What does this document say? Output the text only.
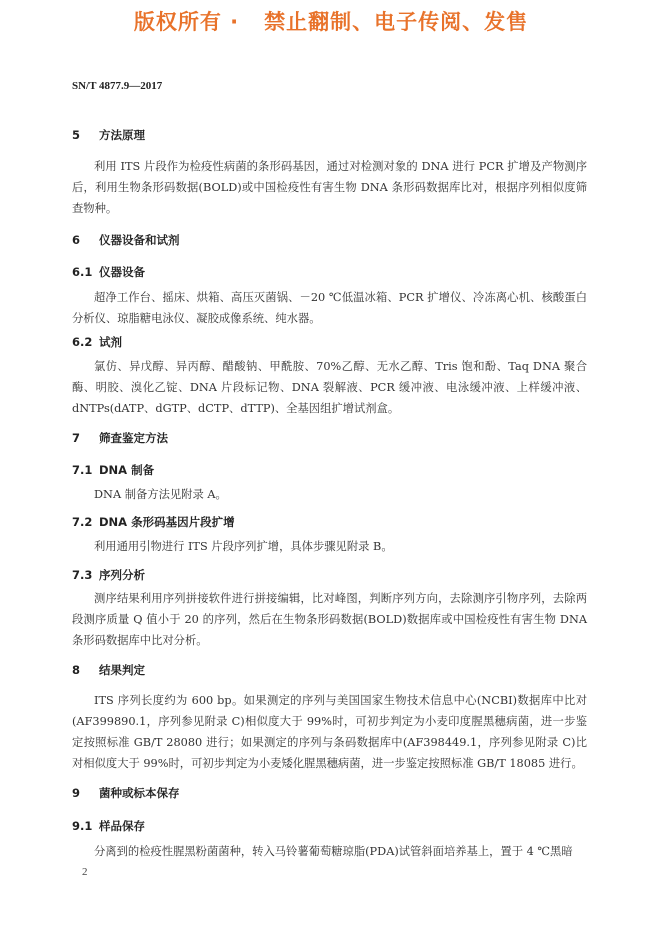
版权所有 ·   禁止翻制、电子传阅、发售
SN/T 4877.9—2017
5 方法原理
利用 ITS 片段作为检疫性病菌的条形码基因，通过对检测对象的 DNA 进行 PCR 扩增及产物测序后，利用生物条形码数据(BOLD)或中国检疫性有害生物 DNA 条形码数据库比对，根据序列相似度筛查物种。
6 仪器设备和试剂
6.1 仪器设备
超净工作台、摇床、烘箱、高压灭菌锅、－20 ℃低温冰箱、PCR 扩增仪、冷冻离心机、核酸蛋白分析仪、琼脂糖电泳仪、凝胶成像系统、纯水器。
6.2 试剂
氯仿、异戊醇、异丙醇、醋酸钠、甲酰胺、70%乙醇、无水乙醇、Tris 饱和酚、Taq DNA 聚合酶、明胶、溴化乙锭、DNA 片段标记物、DNA 裂解液、PCR 缓冲液、电泳缓冲液、上样缓冲液、dNTPs(dATP、dGTP、dCTP、dTTP)、全基因组扩增试剂盒。
7 筛查鉴定方法
7.1 DNA 制备
DNA 制备方法见附录 A。
7.2 DNA 条形码基因片段扩增
利用通用引物进行 ITS 片段序列扩增，具体步骤见附录 B。
7.3 序列分析
测序结果利用序列拼接软件进行拼接编辑，比对峰图，判断序列方向，去除测序引物序列，去除两段测序质量 Q 值小于 20 的序列，然后在生物条形码数据(BOLD)数据库或中国检疫性有害生物 DNA 条形码数据库中比对分析。
8 结果判定
ITS 序列长度约为 600 bp。如果测定的序列与美国国家生物技术信息中心(NCBI)数据库中比对(AF399890.1，序列参见附录 C)相似度大于 99%时，可初步判定为小麦印度腥黑穗病菌，进一步鉴定按照标准 GB/T 28080 进行；如果测定的序列与条码数据库中(AF398449.1，序列参见附录 C)比对相似度大于 99%时，可初步判定为小麦矮化腥黑穗病菌，进一步鉴定按照标准 GB/T 18085 进行。
9 菌种或标本保存
9.1 样品保存
分离到的检疫性腥黑粉菌菌种，转入马铃薯葡萄糖琼脂(PDA)试管斜面培养基上，置于 4 ℃黑暗
2
